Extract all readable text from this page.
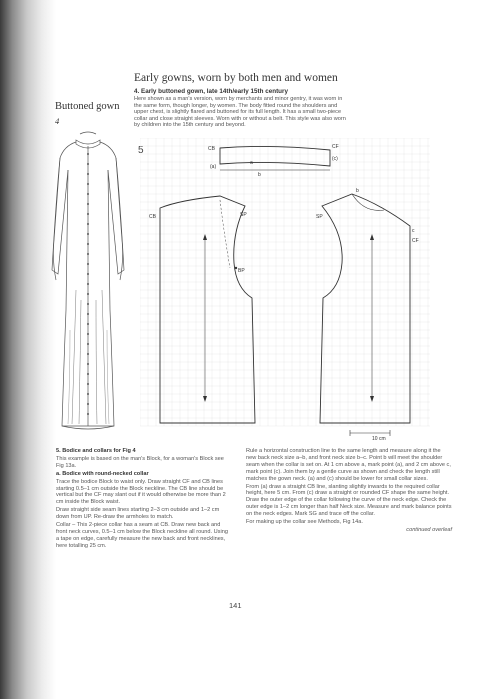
Early gowns, worn by both men and women
Buttoned gown
4
4. Early buttoned gown, late 14th/early 15th century
Here shown as a man's version, worn by merchants and minor gentry, it was worn in
the same form, though longer, by women. The body fitted round the shoulders and
upper chest, is slightly flared and buttoned for its full length. It has a small two-piece
collar and close straight sleeves. Worn with or without a belt. This style was also worn
by children into the 15th century and beyond.
5
10 cm
CB	CF
(a)
b
(c)
CB	SP	SP
BP
CF
b
c
a

5. Bodice and collars for Fig 4

This example is based on the man's Block, for a woman's Block see Fig 13a.

a. Bodice with round-necked collar

Trace the bodice Block to waist only. Draw straight CF and CB lines starting 0.5–1 cm outside the Block neckline. The CB line should be vertical but the CF may slant out if it would otherwise be more than 2 cm inside the Block waist.

Draw straight side seam lines starting 2–3 cm outside and 1–2 cm down from UP. Re-draw the armholes to match.

Collar – This 2-piece collar has a seam at CB. Draw new back and front neck curves, 0.5–1 cm below the Block neckline all round. Using a tape on edge, carefully measure the new back and front necklines, here totalling 25 cm.

Rule a horizontal construction line to the same length and measure along it the new back neck size a–b, and front neck size b–c. Point b will meet the shoulder seam when the collar is set on. At 1 cm above a, mark point (a), and 2 cm above c, mark point (c). Join them by a gentle curve as shown and check the length still matches the gown neck. (a) and (c) should be lower for small collar sizes.

From (a) draw a straight CB line, slanting slightly inwards to the required collar height, here 5 cm. From (c) draw a straight or rounded CF shape the same height. Draw the outer edge of the collar following the curve of the neck edge. Check the outer edge is 1–2 cm longer than half Neck size. Measure and mark balance points on the neck edges. Mark SG and trace off the collar.

For making up the collar see Methods, Fig 14a.

continued overleaf

141
